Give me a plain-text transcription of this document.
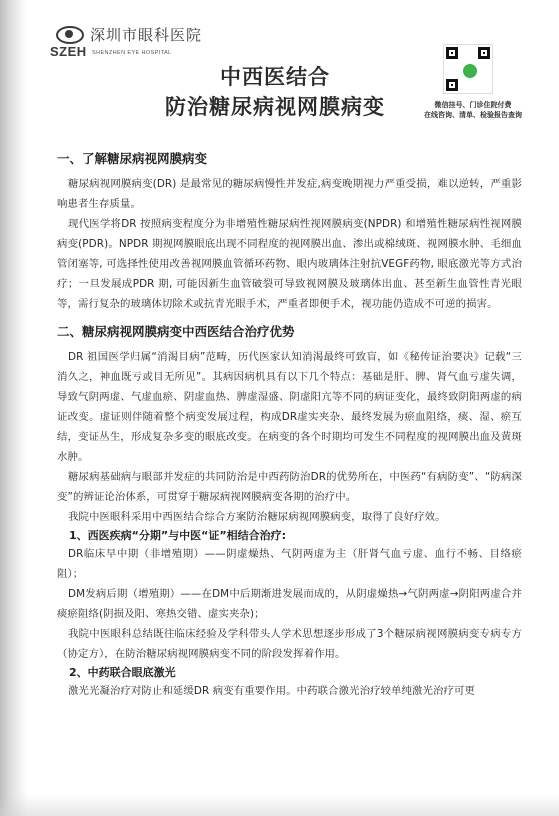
SZEH
深圳市眼科医院
SHENZHEN EYE HOSPITAL
中西医结合
防治糖尿病视网膜病变	微信挂号、门诊住院付费
在线咨询、清单、检验报告查询
一、了解糖尿病视网膜病变

糖尿病视网膜病变(DR) 是最常见的糖尿病慢性并发症,病变晚期视力严重受损，难以逆转，严重影响患者生存质量。

现代医学将DR 按照病变程度分为非增殖性糖尿病性视网膜病变(NPDR) 和增殖性糖尿病性视网膜病变(PDR)。NPDR 期视网膜眼底出现不同程度的视网膜出血、渗出或棉绒斑、视网膜水肿、毛细血管闭塞等, 可选择性使用改善视网膜血管循环药物、眼内玻璃体注射抗VEGF药物, 眼底激光等方式治疗；一旦发展成PDR 期, 可能因新生血管破裂可导致视网膜及玻璃体出血、甚至新生血管性青光眼等，需行复杂的玻璃体切除术或抗青光眼手术，严重者即便手术，视功能仍造成不可逆的损害。

二、糖尿病视网膜病变中西医结合治疗优势

DR 祖国医学归属“消渴目病”范畴，历代医家认知消渴最终可致盲，如《秘传证治要决》记载“三消久之，神血既亏或目无所见”。其病因病机具有以下几个特点：基础是肝、脾、肾气血亏虚失调，导致气阴两虚、气虚血瘀、阴虚血热、脾虚湿盛、阴虚阳亢等不同的病证变化，最终致阴阳两虚的病证改变。虚证则伴随着整个病变发展过程，构成DR虚实夹杂、最终发展为瘀血阻络，痰、湿、瘀互结，变证丛生，形成复杂多变的眼底改变。在病变的各个时期均可发生不同程度的视网膜出血及黄斑水肿。

糖尿病基础病与眼部并发症的共同防治是中西药防治DR的优势所在，中医药“有病防变”、“防病深变”的辨证论治体系，可贯穿于糖尿病视网膜病变各期的治疗中。

我院中医眼科采用中西医结合综合方案防治糖尿病视网膜病变，取得了良好疗效。

1、西医疾病“分期”与中医“证”相结合治疗:

DR临床早中期（非增殖期）——阴虚燥热、气阴两虚为主（肝肾气血亏虚、血行不畅、目络瘀阻）；

DM发病后期（增殖期）——在DM中后期渐进发展而成的，从阴虚燥热→气阴两虚→阴阳两虚合并痰瘀阻络(阴损及阳、寒热交错、虚实夹杂)；

我院中医眼科总结既往临床经验及学科带头人学术思想逐步形成了3个糖尿病视网膜病变专病专方（协定方），在防治糖尿病视网膜病变不同的阶段发挥着作用。

2、中药联合眼底激光

激光光凝治疗对防止和延缓DR 病变有重要作用。中药联合激光治疗较单纯激光治疗可更
